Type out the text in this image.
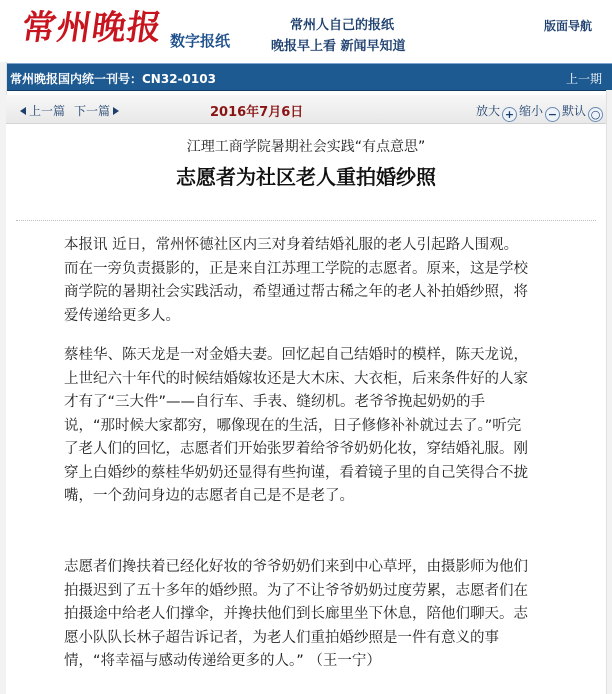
常州晚报 数字报纸
常州人自己的报纸
晚报早上看 新闻早知道
版面导航
常州晚报国内统一刊号：CN32-0103	上一期
上一篇 下一篇	2016年7月6日	放大 + 缩小 − 默认 ○
江理工商学院暑期社会实践“有点意思”
志愿者为社区老人重拍婚纱照

本报讯 近日，常州怀德社区内三对身着结婚礼服的老人引起路人围观。而在一旁负责摄影的，正是来自江苏理工学院的志愿者。原来，这是学校商学院的暑期社会实践活动，希望通过帮古稀之年的老人补拍婚纱照，将爱传递给更多人。

蔡桂华、陈天龙是一对金婚夫妻。回忆起自己结婚时的模样，陈天龙说，上世纪六十年代的时候结婚嫁妆还是大木床、大衣柜，后来条件好的人家才有了“三大件”——自行车、手表、缝纫机。老爷爷挽起奶奶的手说，“那时候大家都穷，哪像现在的生活，日子修修补补就过去了。”听完了老人们的回忆，志愿者们开始张罗着给爷爷奶奶化妆，穿结婚礼服。刚穿上白婚纱的蔡桂华奶奶还显得有些拘谨，看着镜子里的自己笑得合不拢嘴，一个劲问身边的志愿者自己是不是老了。

志愿者们搀扶着已经化好妆的爷爷奶奶们来到中心草坪，由摄影师为他们拍摄迟到了五十多年的婚纱照。为了不让爷爷奶奶过度劳累，志愿者们在拍摄途中给老人们撑伞，并搀扶他们到长廊里坐下休息，陪他们聊天。志愿小队队长林子超告诉记者，为老人们重拍婚纱照是一件有意义的事情，“将幸福与感动传递给更多的人。” （王一宁）
